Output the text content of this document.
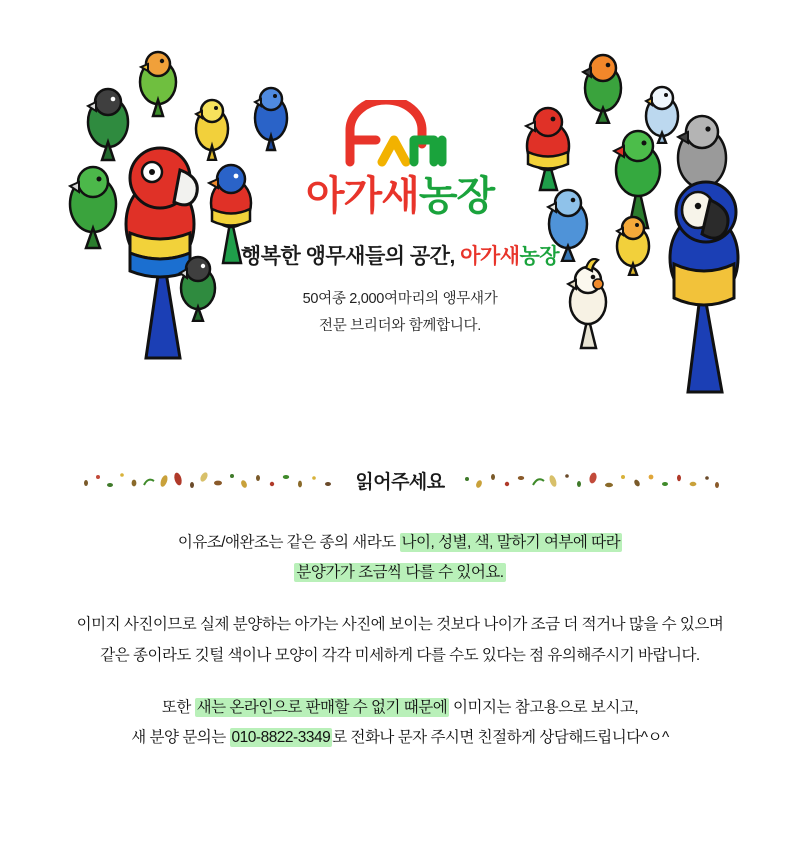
아가새농장
행복한 앵무새들의 공간, 아가새농장
50여종 2,000여마리의 앵무새가
전문 브리더와 함께합니다.
읽어주세요

이유조/애완조는 같은 종의 새라도 나이, 성별, 색, 말하기 여부에 따라

분양가가 조금씩 다를 수 있어요.

이미지 사진이므로 실제 분양하는 아가는 사진에 보이는 것보다 나이가 조금 더 적거나 많을 수 있으며

같은 종이라도 깃털 색이나 모양이 각각 미세하게 다를 수도 있다는 점 유의해주시기 바랍니다.

또한 새는 온라인으로 판매할 수 없기 때문에 이미지는 참고용으로 보시고,

새 분양 문의는 010-8822-3349 로 전화나 문자 주시면 친절하게 상담해드립니다^ㅇ^
